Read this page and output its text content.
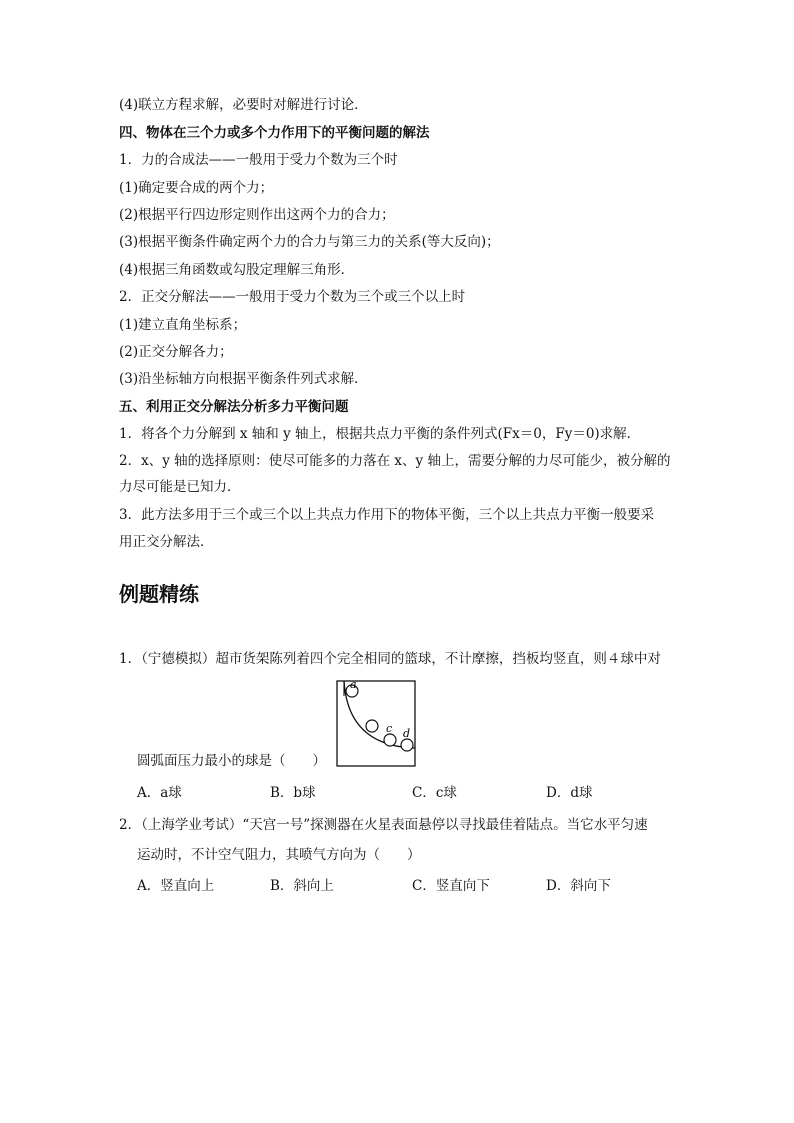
(4)联立方程求解，必要时对解进行讨论．
四、物体在三个力或多个力作用下的平衡问题的解法
1．力的合成法——一般用于受力个数为三个时
(1)确定要合成的两个力；
(2)根据平行四边形定则作出这两个力的合力；
(3)根据平衡条件确定两个力的合力与第三力的关系(等大反向)；
(4)根据三角函数或勾股定理解三角形．
2．正交分解法——一般用于受力个数为三个或三个以上时
(1)建立直角坐标系；
(2)正交分解各力；
(3)沿坐标轴方向根据平衡条件列式求解．
五、利用正交分解法分析多力平衡问题
1．将各个力分解到 x 轴和 y 轴上，根据共点力平衡的条件列式(Fx＝0，Fy＝0)求解．
2．x、y 轴的选择原则：使尽可能多的力落在 x、y 轴上，需要分解的力尽可能少，被分解的
力尽可能是已知力．
3．此方法多用于三个或三个以上共点力作用下的物体平衡，三个以上共点力平衡一般要采
用正交分解法．
例题精练
1．（宁德模拟）超市货架陈列着四个完全相同的篮球，不计摩擦，挡板均竖直，则４球中对
a
c d
圆弧面压力最小的球是（　　）
A．a球	B．b球	C．c球	D．d球
2．（上海学业考试）“天宫一号”探测器在火星表面悬停以寻找最佳着陆点。当它水平匀速
运动时，不计空气阻力，其喷气方向为（　　）
A．竖直向上	B．斜向上	C．竖直向下	D．斜向下
